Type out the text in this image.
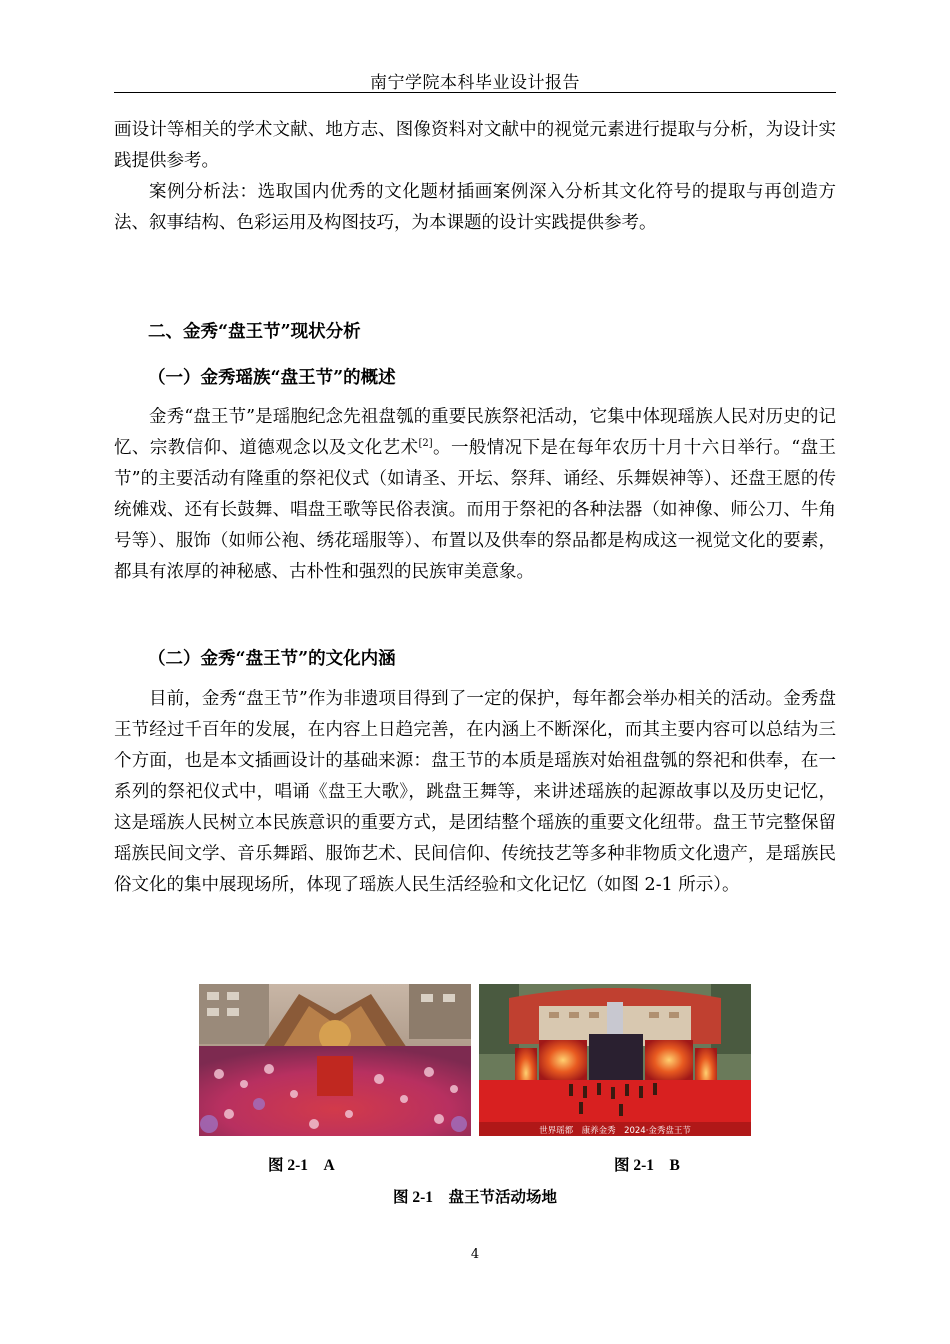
南宁学院本科毕业设计报告

画设计等相关的学术文献、地方志、图像资料对文献中的视觉元素进行提取与分析，为设计实践提供参考。

案例分析法：选取国内优秀的文化题材插画案例深入分析其文化符号的提取与再创造方法、叙事结构、色彩运用及构图技巧，为本课题的设计实践提供参考。

二、金秀“盘王节”现状分析
（一）金秀瑶族“盘王节”的概述

金秀“盘王节”是瑶胞纪念先祖盘瓠的重要民族祭祀活动，它集中体现瑶族人民对历史的记忆、宗教信仰、道德观念以及文化艺术[2]。一般情况下是在每年农历十月十六日举行。“盘王节”的主要活动有隆重的祭祀仪式（如请圣、开坛、祭拜、诵经、乐舞娱神等）、还盘王愿的传统傩戏、还有长鼓舞、唱盘王歌等民俗表演。而用于祭祀的各种法器（如神像、师公刀、牛角号等）、服饰（如师公袍、绣花瑶服等）、布置以及供奉的祭品都是构成这一视觉文化的要素，都具有浓厚的神秘感、古朴性和强烈的民族审美意象。

（二）金秀“盘王节”的文化内涵

目前，金秀“盘王节”作为非遗项目得到了一定的保护，每年都会举办相关的活动。金秀盘王节经过千百年的发展，在内容上日趋完善，在内涵上不断深化，而其主要内容可以总结为三个方面，也是本文插画设计的基础来源：盘王节的本质是瑶族对始祖盘瓠的祭祀和供奉，在一系列的祭祀仪式中，唱诵《盘王大歌》，跳盘王舞等，来讲述瑶族的起源故事以及历史记忆，这是瑶族人民树立本民族意识的重要方式，是团结整个瑶族的重要文化纽带。盘王节完整保留瑶族民间文学、音乐舞蹈、服饰艺术、民间信仰、传统技艺等多种非物质文化遗产，是瑶族民俗文化的集中展现场所，体现了瑶族人民生活经验和文化记忆（如图 2-1 所示）。

世界瑶都　康养金秀　2024·金秀盘王节
图 2-1　A	图 2-1　B
图 2-1　盘王节活动场地
4
